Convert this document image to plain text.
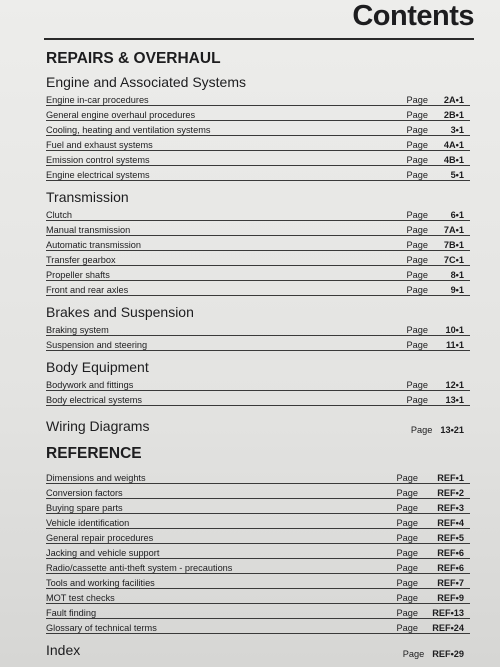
Contents
REPAIRS & OVERHAUL
Engine and Associated Systems
Engine in-car procedures	Page	2A•1
General engine overhaul procedures	Page	2B•1
Cooling, heating and ventilation systems	Page	3•1
Fuel and exhaust systems	Page	4A•1
Emission control systems	Page	4B•1
Engine electrical systems	Page	5•1
Transmission
Clutch	Page	6•1
Manual transmission	Page	7A•1
Automatic transmission	Page	7B•1
Transfer gearbox	Page	7C•1
Propeller shafts	Page	8•1
Front and rear axles	Page	9•1
Brakes and Suspension
Braking system	Page	10•1
Suspension and steering	Page	11•1
Body Equipment
Bodywork and fittings	Page	12•1
Body electrical systems	Page	13•1
Wiring Diagrams	Page 13•21
REFERENCE
Dimensions and weights	Page	REF•1
Conversion factors	Page	REF•2
Buying spare parts	Page	REF•3
Vehicle identification	Page	REF•4
General repair procedures	Page	REF•5
Jacking and vehicle support	Page	REF•6
Radio/cassette anti-theft system - precautions	Page	REF•6
Tools and working facilities	Page	REF•7
MOT test checks	Page	REF•9
Fault finding	Page	REF•13
Glossary of technical terms	Page	REF•24
Index	Page REF•29
